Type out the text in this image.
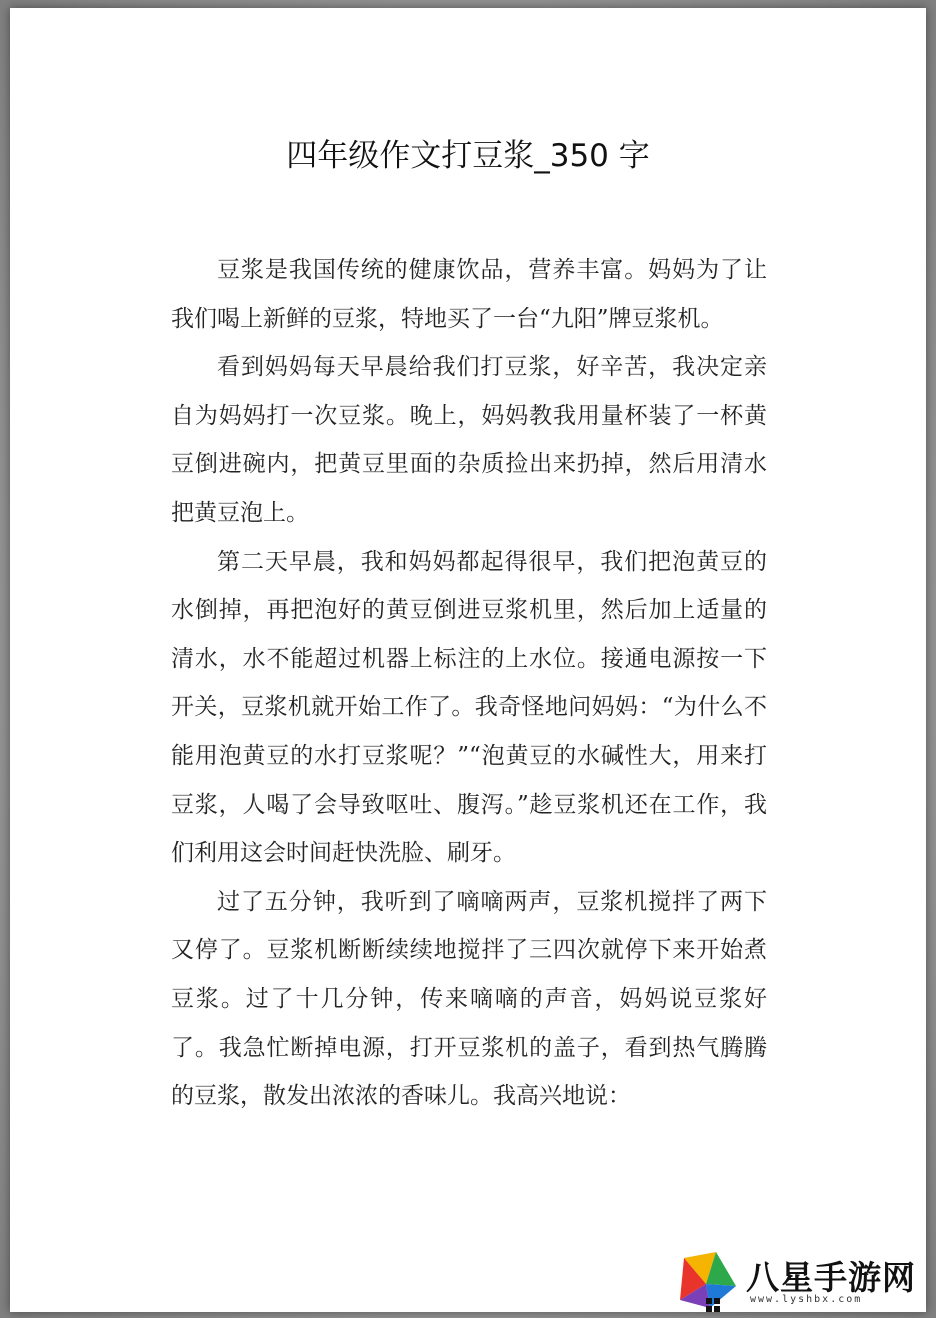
四年级作文打豆浆_350 字

豆浆是我国传统的健康饮品，营养丰富。妈妈为了让我们喝上新鲜的豆浆，特地买了一台“九阳”牌豆浆机。

看到妈妈每天早晨给我们打豆浆，好辛苦，我决定亲自为妈妈打一次豆浆。晚上，妈妈教我用量杯装了一杯黄豆倒进碗内，把黄豆里面的杂质捡出来扔掉，然后用清水把黄豆泡上。

第二天早晨，我和妈妈都起得很早，我们把泡黄豆的水倒掉，再把泡好的黄豆倒进豆浆机里，然后加上适量的清水，水不能超过机器上标注的上水位。接通电源按一下开关，豆浆机就开始工作了。我奇怪地问妈妈：“为什么不能用泡黄豆的水打豆浆呢？”“泡黄豆的水碱性大，用来打豆浆，人喝了会导致呕吐、腹泻。”趁豆浆机还在工作，我们利用这会时间赶快洗脸、刷牙。

过了五分钟，我听到了嘀嘀两声，豆浆机搅拌了两下又停了。豆浆机断断续续地搅拌了三四次就停下来开始煮豆浆。过了十几分钟，传来嘀嘀的声音，妈妈说豆浆好了。我急忙断掉电源，打开豆浆机的盖子，看到热气腾腾的豆浆，散发出浓浓的香味儿。我高兴地说：

八星手游网
www.lyshbx.com
